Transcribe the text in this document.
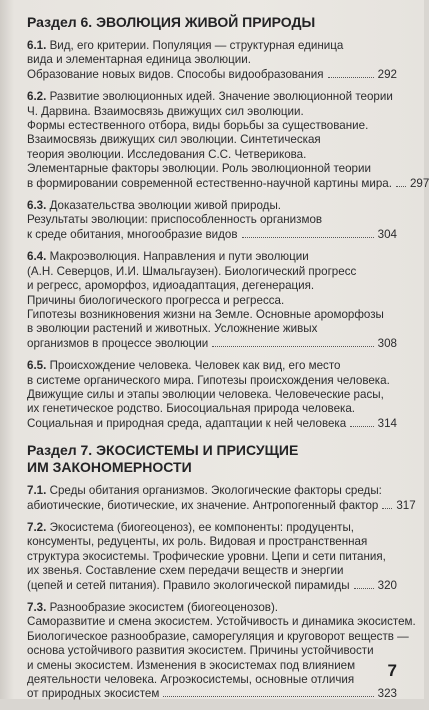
Раздел 6. ЭВОЛЮЦИЯ ЖИВОЙ ПРИРОДЫ
6.1. Вид, его критерии. Популяция — структурная единица
вида и элементарная единица эволюции.
Образование новых видов. Способы видообразования	292
6.2. Развитие эволюционных идей. Значение эволюционной теории
Ч. Дарвина. Взаимосвязь движущих сил эволюции.
Формы естественного отбора, виды борьбы за существование.
Взаимосвязь движущих сил эволюции. Синтетическая
теория эволюции. Исследования С.С. Четверикова.
Элементарные факторы эволюции. Роль эволюционной теории
в формировании современной естественно-научной картины мира. 297
6.3. Доказательства эволюции живой природы.
Результаты эволюции: приспособленность организмов
к среде обитания, многообразие видов	304
6.4. Макроэволюция. Направления и пути эволюции
(А.Н. Северцов, И.И. Шмальгаузен). Биологический прогресс
и регресс, ароморфоз, идиоадаптация, дегенерация.
Причины биологического прогресса и регресса.
Гипотезы возникновения жизни на Земле. Основные ароморфозы
в эволюции растений и животных. Усложнение живых
организмов в процессе эволюции	308
6.5. Происхождение человека. Человек как вид, его место
в системе органического мира. Гипотезы происхождения человека.
Движущие силы и этапы эволюции человека. Человеческие расы,
их генетическое родство. Биосоциальная природа человека.
Социальная и природная среда, адаптации к ней человека	314
Раздел 7. ЭКОСИСТЕМЫ И ПРИСУЩИЕ
ИМ ЗАКОНОМЕРНОСТИ
7.1. Среды обитания организмов. Экологические факторы среды:
абиотические, биотические, их значение. Антропогенный фактор 317
7.2. Экосистема (биогеоценоз), ее компоненты: продуценты,
консументы, редуценты, их роль. Видовая и пространственная
структура экосистемы. Трофические уровни. Цепи и сети питания,
их звенья. Составление схем передачи веществ и энергии
(цепей и сетей питания). Правило экологической пирамиды 320
7.3. Разнообразие экосистем (биогеоценозов).
Саморазвитие и смена экосистем. Устойчивость и динамика экосистем.
Биологическое разнообразие, саморегуляция и круговорот веществ —
основа устойчивого развития экосистем. Причины устойчивости
и смены экосистем. Изменения в экосистемах под влиянием
деятельности человека. Агроэкосистемы, основные отличия
от природных экосистем	323
7
